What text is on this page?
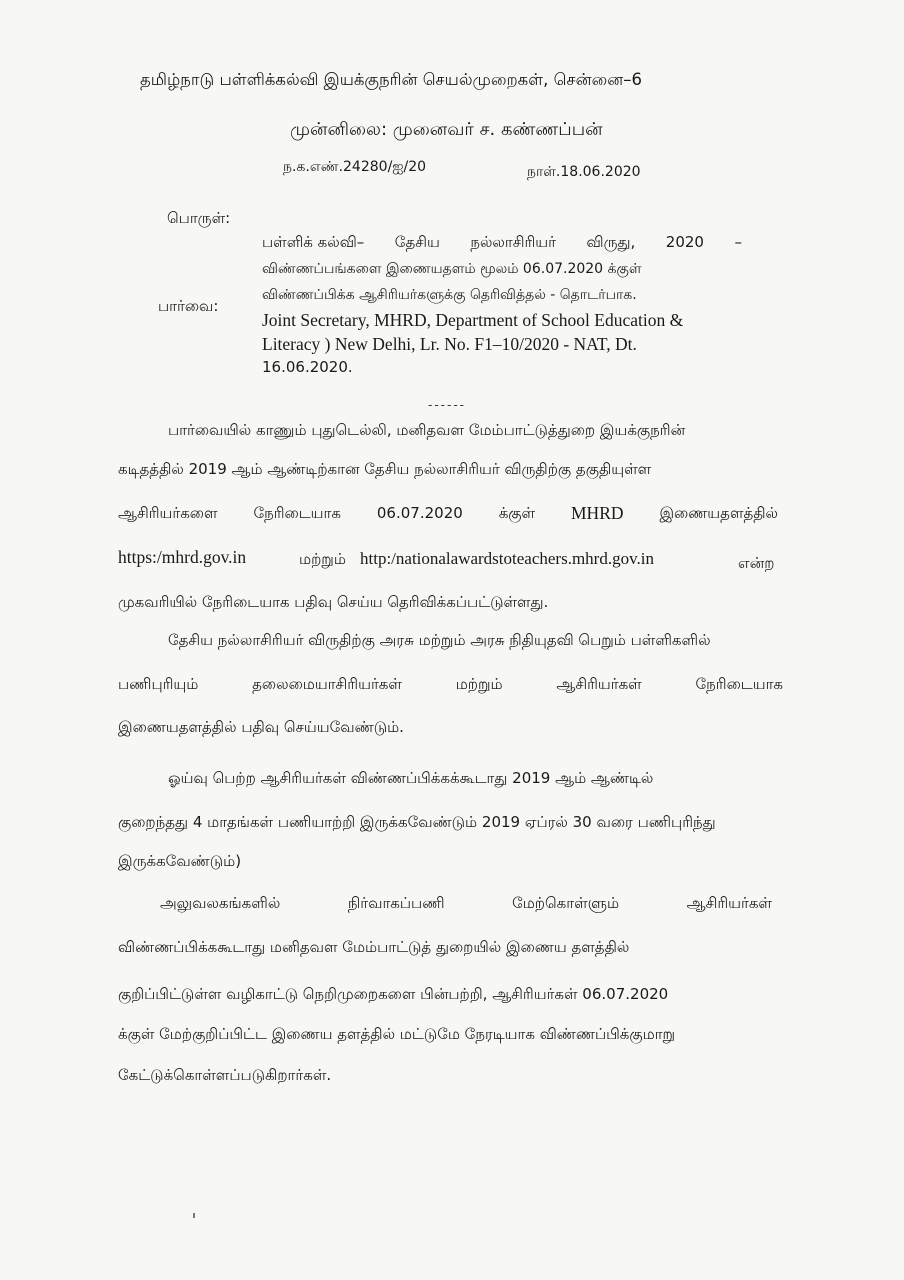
தமிழ்நாடு பள்ளிக்கல்வி இயக்குநரின் செயல்முறைகள், சென்னை–6
முன்னிலை: முனைவர் ச. கண்ணப்பன்
ந.க.எண்.24280/ஐ/20	நாள்.18.06.2020
பொருள்:
பள்ளிக் கல்வி– தேசிய நல்லாசிரியர் விருது, 2020 –
விண்ணப்பங்களை இணையதளம் மூலம் 06.07.2020 க்குள்
விண்ணப்பிக்க ஆசிரியர்களுக்கு தெரிவித்தல் - தொடர்பாக.
பார்வை:
Joint Secretary, MHRD, Department of School Education &
Literacy ) New Delhi, Lr. No. F1–10/2020 - NAT, Dt.
16.06.2020.
------
பார்வையில் காணும் புதுடெல்லி, மனிதவள மேம்பாட்டுத்துறை இயக்குநரின்
கடிதத்தில் 2019 ஆம் ஆண்டிற்கான தேசிய நல்லாசிரியர் விருதிற்கு தகுதியுள்ள
ஆசிரியர்களை நேரிடையாக 06.07.2020 க்குள் MHRD இணையதளத்தில்
https:/mhrd.gov.in	மற்றும் http:/nationalawardstoteachers.mhrd.gov.in	என்ற
முகவரியில் நேரிடையாக பதிவு செய்ய தெரிவிக்கப்பட்டுள்ளது.
தேசிய நல்லாசிரியர் விருதிற்கு அரசு மற்றும் அரசு நிதியுதவி பெறும் பள்ளிகளில்
பணிபுரியும்	தலைமையாசிரியர்கள்	மற்றும்	ஆசிரியர்கள்	நேரிடையாக
இணையதளத்தில் பதிவு செய்யவேண்டும்.
ஓய்வு பெற்ற ஆசிரியர்கள் விண்ணப்பிக்கக்கூடாது 2019 ஆம் ஆண்டில்
குறைந்தது 4 மாதங்கள் பணியாற்றி இருக்கவேண்டும் 2019 ஏப்ரல் 30 வரை பணிபுரிந்து
இருக்கவேண்டும்)
அலுவலகங்களில்	நிர்வாகப்பணி	மேற்கொள்ளும்	ஆசிரியர்கள்
விண்ணப்பிக்ககூடாது மனிதவள மேம்பாட்டுத் துறையில் இணைய தளத்தில்
குறிப்பிட்டுள்ள வழிகாட்டு நெறிமுறைகளை பின்பற்றி, ஆசிரியர்கள் 06.07.2020
க்குள் மேற்குறிப்பிட்ட இணைய தளத்தில் மட்டுமே நேரடியாக விண்ணப்பிக்குமாறு
கேட்டுக்கொள்ளப்படுகிறார்கள்.
